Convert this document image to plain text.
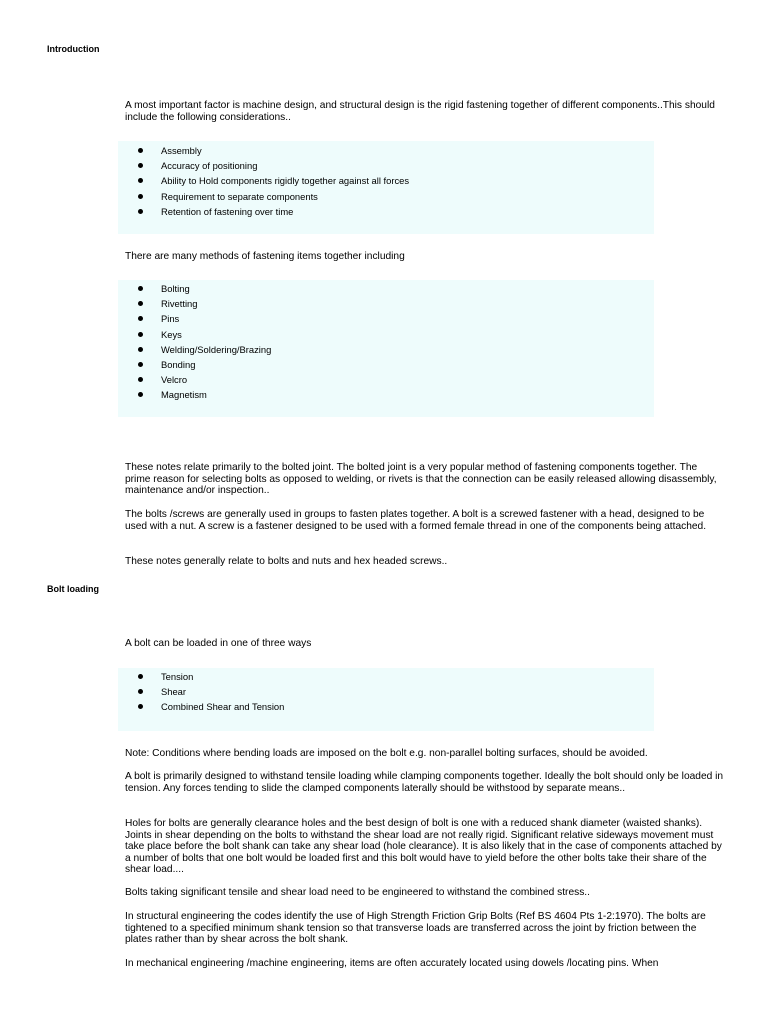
Introduction
A most important factor is machine design, and structural design is the rigid fastening together of different components..This should include the following considerations..
Assembly
Accuracy of positioning
Ability to Hold components rigidly together against all forces
Requirement to separate components
Retention of fastening over time
There are many methods of fastening items together including
Bolting
Rivetting
Pins
Keys
Welding/Soldering/Brazing
Bonding
Velcro
Magnetism
These notes relate primarily to the bolted joint. The bolted joint is a very popular method of fastening components together. The prime reason for selecting bolts as opposed to welding, or rivets is that the connection can be easily released allowing disassembly, maintenance and/or inspection..
The bolts /screws are generally used in groups to fasten plates together. A bolt is a screwed fastener with a head, designed to be used with a nut. A screw is a fastener designed to be used with a formed female thread in one of the components being attached.
These notes generally relate to bolts and nuts and hex headed screws..
Bolt loading
A bolt can be loaded in one of three ways
Tension
Shear
Combined Shear and Tension
Note: Conditions where bending loads are imposed on the bolt e.g. non-parallel bolting surfaces, should be avoided.
A bolt is primarily designed to withstand tensile loading while clamping components together. Ideally the bolt should only be loaded in tension. Any forces tending to slide the clamped components laterally should be withstood by separate means..
Holes for bolts are generally clearance holes and the best design of bolt is one with a reduced shank diameter (waisted shanks). Joints in shear depending on the bolts to withstand the shear load are not really rigid. Significant relative sideways movement must take place before the bolt shank can take any shear load (hole clearance). It is also likely that in the case of components attached by a number of bolts that one bolt would be loaded first and this bolt would have to yield before the other bolts take their share of the shear load....
Bolts taking significant tensile and shear load need to be engineered to withstand the combined stress..
In structural engineering the codes identify the use of High Strength Friction Grip Bolts (Ref BS 4604 Pts 1-2:1970). The bolts are tightened to a specified minimum shank tension so that transverse loads are transferred across the joint by friction between the plates rather than by shear across the bolt shank.
In mechanical engineering /machine engineering, items are often accurately located using dowels /locating pins. When
